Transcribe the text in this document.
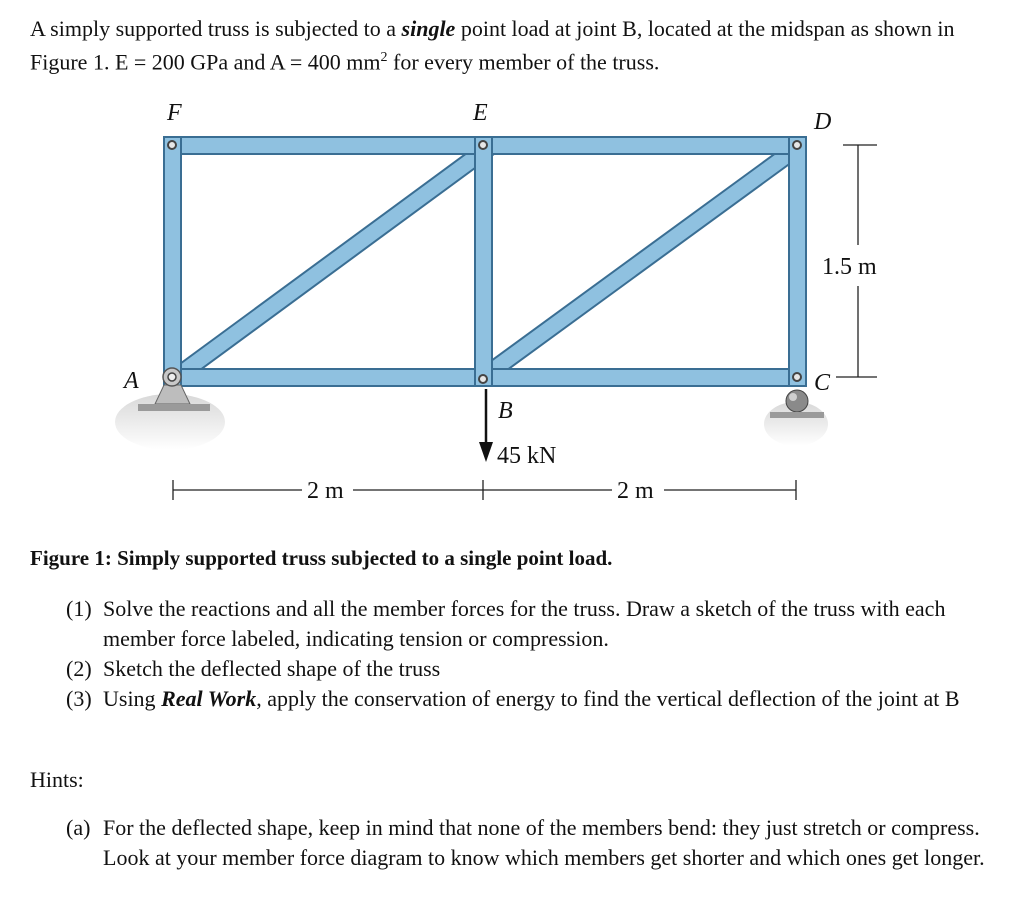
A simply supported truss is subjected to a single point load at joint B, located at the midspan as shown in Figure 1. E = 200 GPa and A = 400 $mm^2$ for every member of the truss.

F	E	D
A	C
B
45 kN
2 m	2 m
1.5 m

Figure 1: Simply supported truss subjected to a single point load.

(1) Solve the reactions and all the member forces for the truss. Draw a sketch of the truss with each member force labeled, indicating tension or compression.
(2) Sketch the deflected shape of the truss
(3) Using Real Work, apply the conservation of energy to find the vertical deflection of the joint at B

Hints:

(a) For the deflected shape, keep in mind that none of the members bend: they just stretch or compress. Look at your member force diagram to know which members get shorter and which ones get longer.
